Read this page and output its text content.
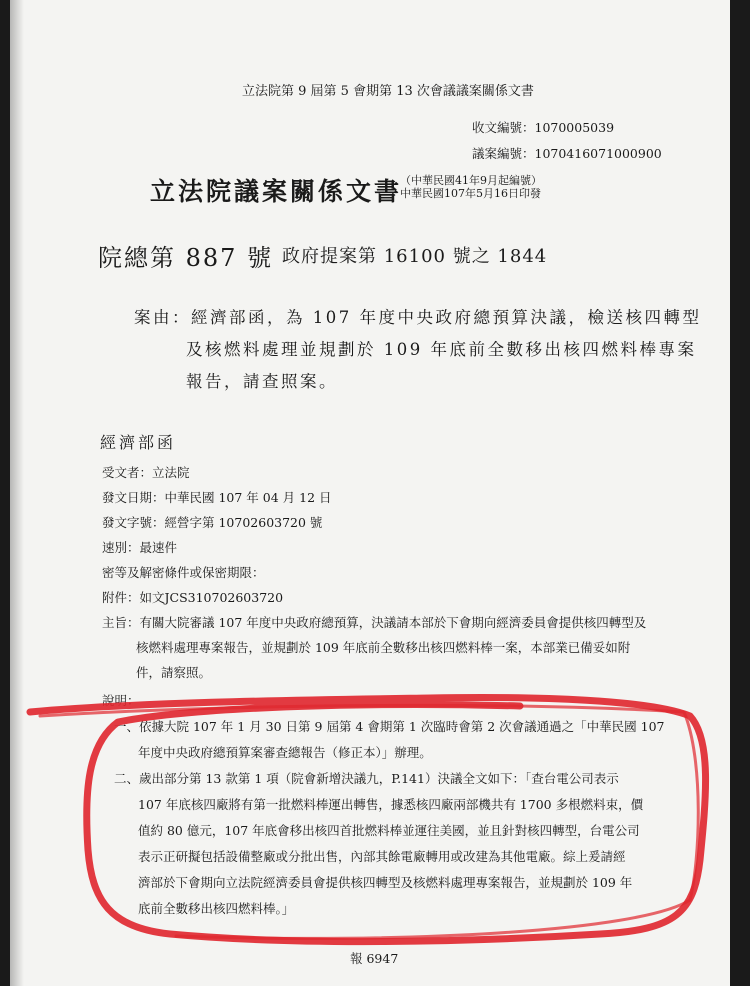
立法院第 9 屆第 5 會期第 13 次會議議案關係文書
收文編號：1070005039
議案編號：1070416071000900
立法院議案關係文書
（中華民國41年9月起編號）
中華民國107年5月16日印發
院總第 887 號 政府提案第 16100 號之 1844
案由：經濟部函，為 107 年度中央政府總預算決議，檢送核四轉型
及核燃料處理並規劃於 109 年底前全數移出核四燃料棒專案
報告，請查照案。
經濟部函
受文者：立法院
發文日期：中華民國 107 年 04 月 12 日
發文字號：經營字第 10702603720 號
速別：最速件
密等及解密條件或保密期限：
附件：如文JCS310702603720
主旨：有關大院審議 107 年度中央政府總預算，決議請本部於下會期向經濟委員會提供核四轉型及
核燃料處理專案報告，並規劃於 109 年底前全數移出核四燃料棒一案，本部業已備妥如附
件，請察照。
說明：
一、依據大院 107 年 1 月 30 日第 9 屆第 4 會期第 1 次臨時會第 2 次會議通過之「中華民國 107
年度中央政府總預算案審查總報告（修正本）」辦理。
二、歲出部分第 13 款第 1 項（院會新增決議九，P.141）決議全文如下：「查台電公司表示
107 年底核四廠將有第一批燃料棒運出轉售，據悉核四廠兩部機共有 1700 多根燃料束，價
值約 80 億元，107 年底會移出核四首批燃料棒並運往美國，並且針對核四轉型，台電公司
表示正研擬包括設備整廠或分批出售，內部其餘電廠轉用或改建為其他電廠。綜上爰請經
濟部於下會期向立法院經濟委員會提供核四轉型及核燃料處理專案報告，並規劃於 109 年
底前全數移出核四燃料棒。」
報 6947
